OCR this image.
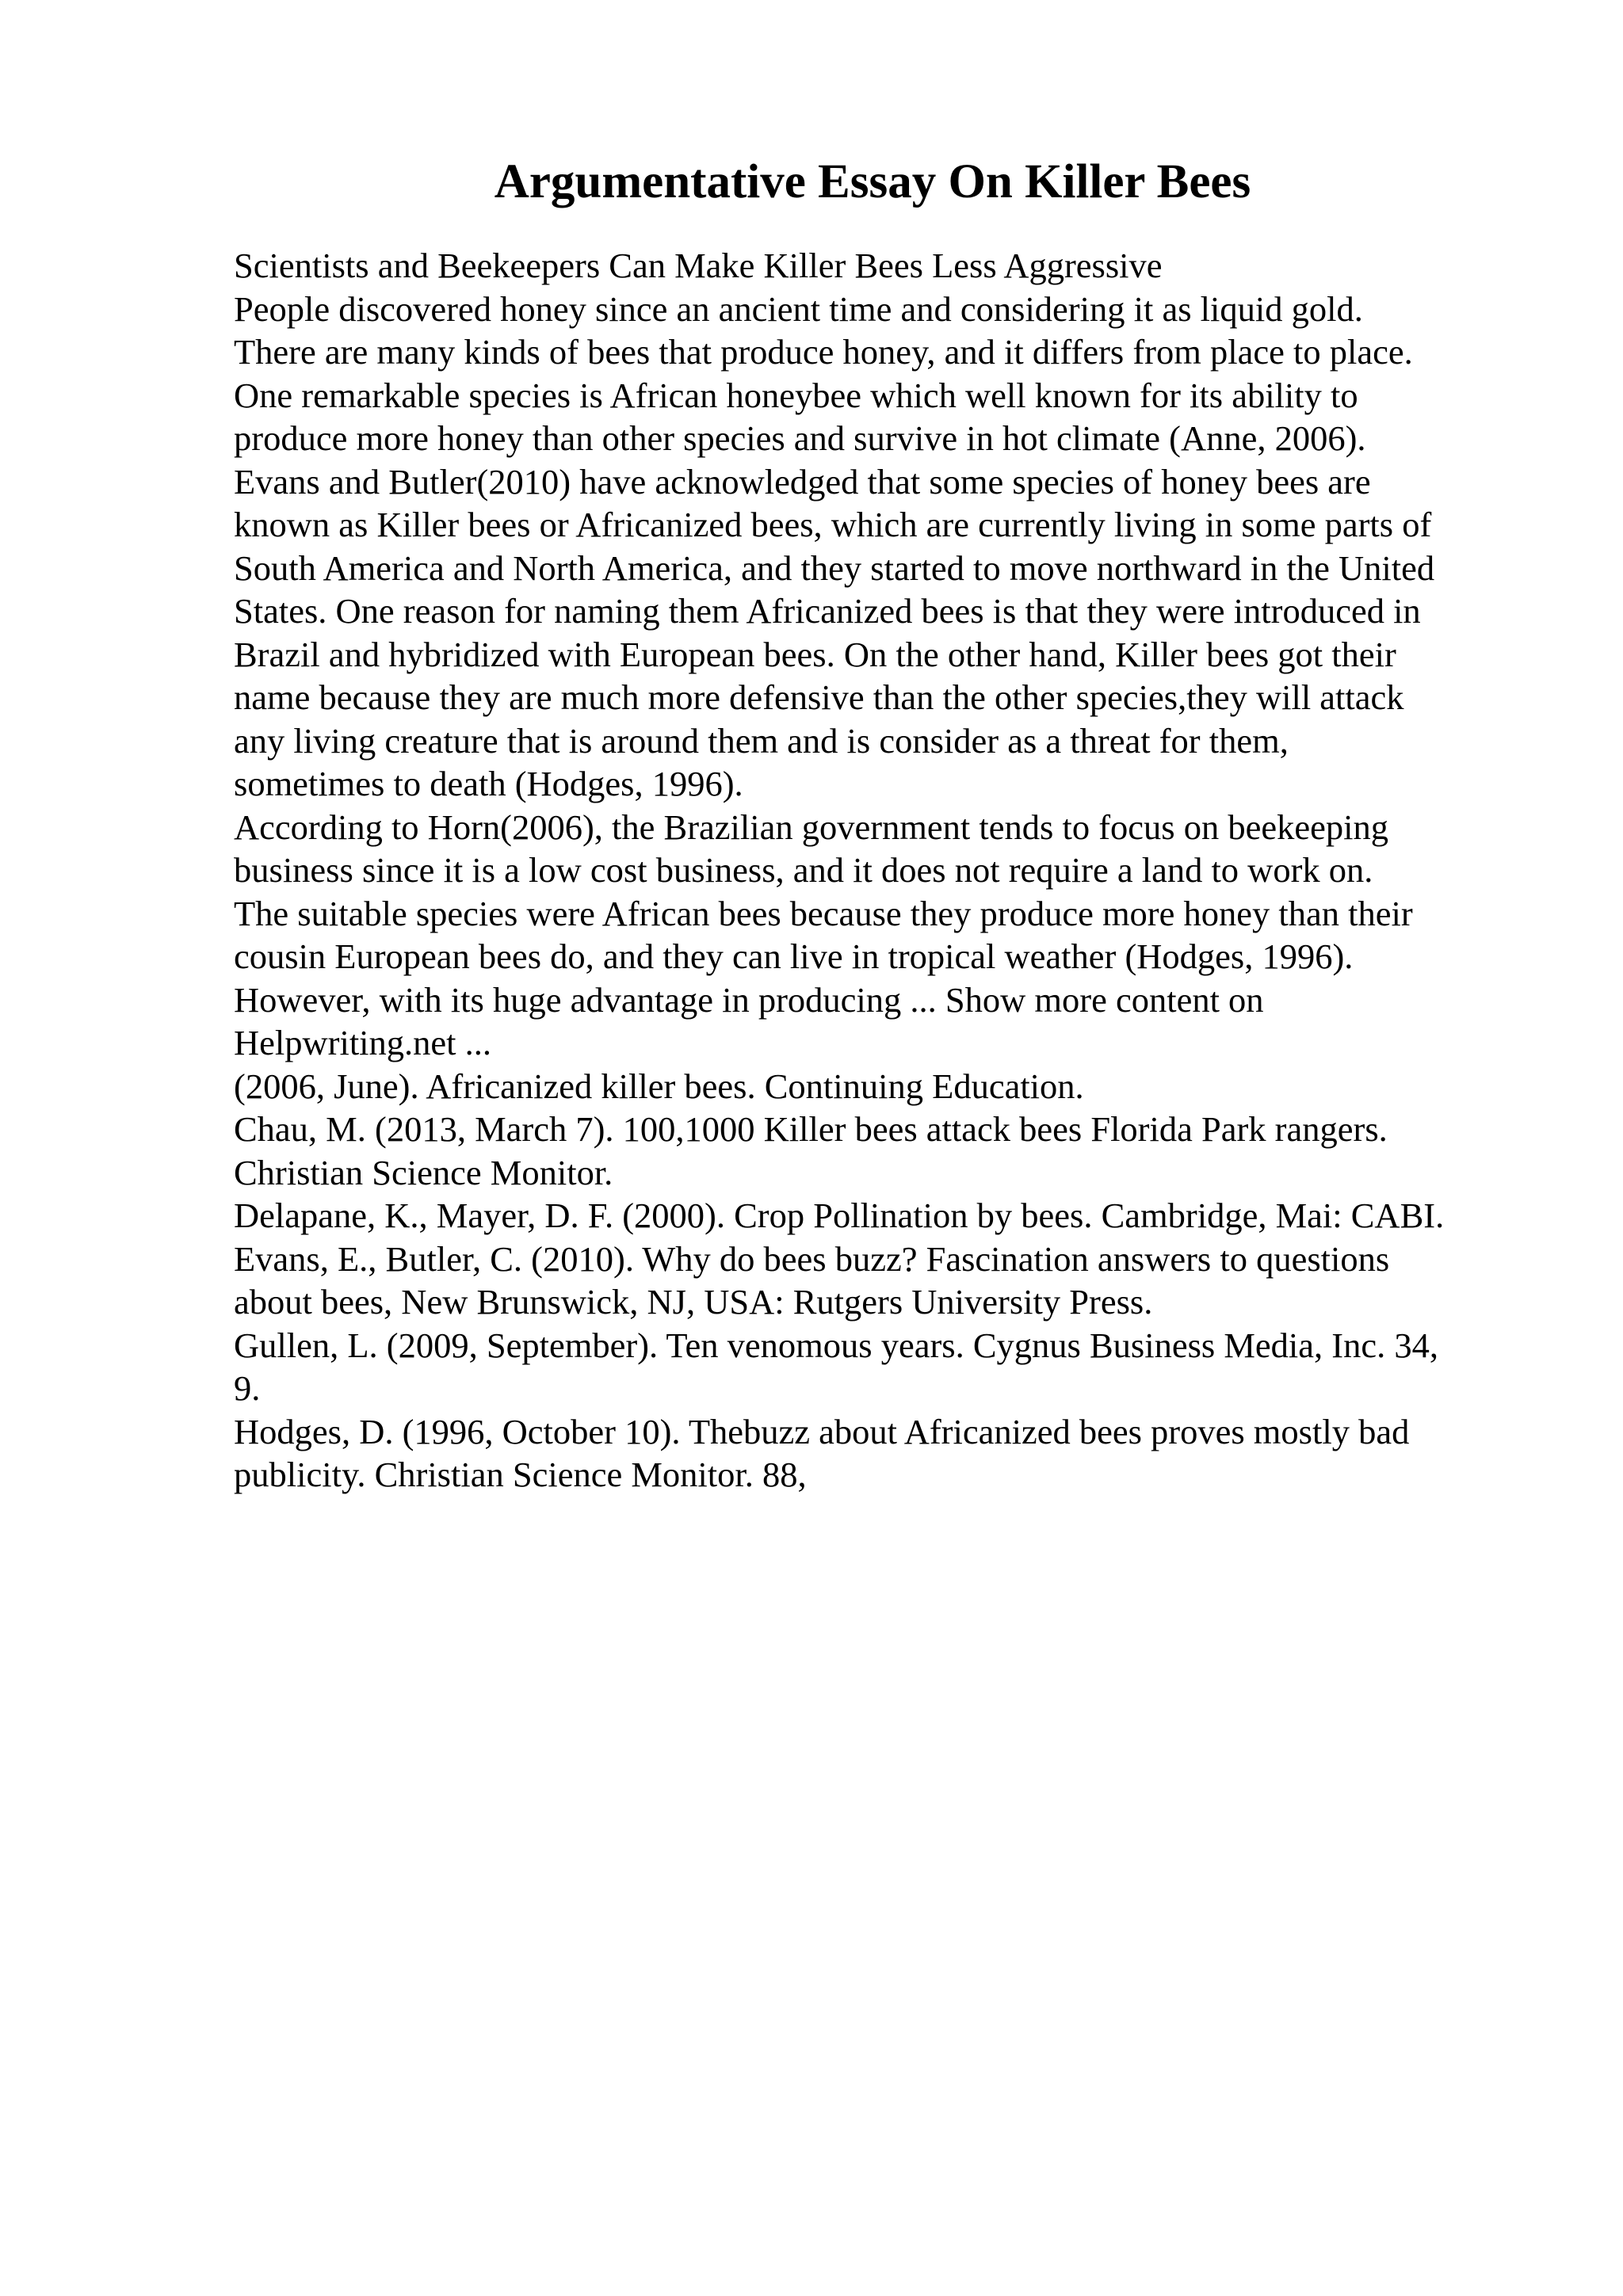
Argumentative Essay On Killer Bees
Scientists and Beekeepers Can Make Killer Bees Less Aggressive
People discovered honey since an ancient time and considering it as liquid gold.
There are many kinds of bees that produce honey, and it differs from place to place.
One remarkable species is African honeybee which well known for its ability to
produce more honey than other species and survive in hot climate (Anne, 2006).
Evans and Butler(2010) have acknowledged that some species of honey bees are
known as Killer bees or Africanized bees, which are currently living in some parts of
South America and North America, and they started to move northward in the United
States. One reason for naming them Africanized bees is that they were introduced in
Brazil and hybridized with European bees. On the other hand, Killer bees got their
name because they are much more defensive than the other species,they will attack
any living creature that is around them and is consider as a threat for them,
sometimes to death (Hodges, 1996).
According to Horn(2006), the Brazilian government tends to focus on beekeeping
business since it is a low cost business, and it does not require a land to work on.
The suitable species were African bees because they produce more honey than their
cousin European bees do, and they can live in tropical weather (Hodges, 1996).
However, with its huge advantage in producing ... Show more content on
Helpwriting.net ...
(2006, June). Africanized killer bees. Continuing Education.
Chau, M. (2013, March 7). 100,1000 Killer bees attack bees Florida Park rangers.
Christian Science Monitor.
Delapane, K., Mayer, D. F. (2000). Crop Pollination by bees. Cambridge, Mai: CABI.
Evans, E., Butler, C. (2010). Why do bees buzz? Fascination answers to questions
about bees, New Brunswick, NJ, USA: Rutgers University Press.
Gullen, L. (2009, September). Ten venomous years. Cygnus Business Media, Inc. 34,
9.
Hodges, D. (1996, October 10). Thebuzz about Africanized bees proves mostly bad
publicity. Christian Science Monitor. 88,
